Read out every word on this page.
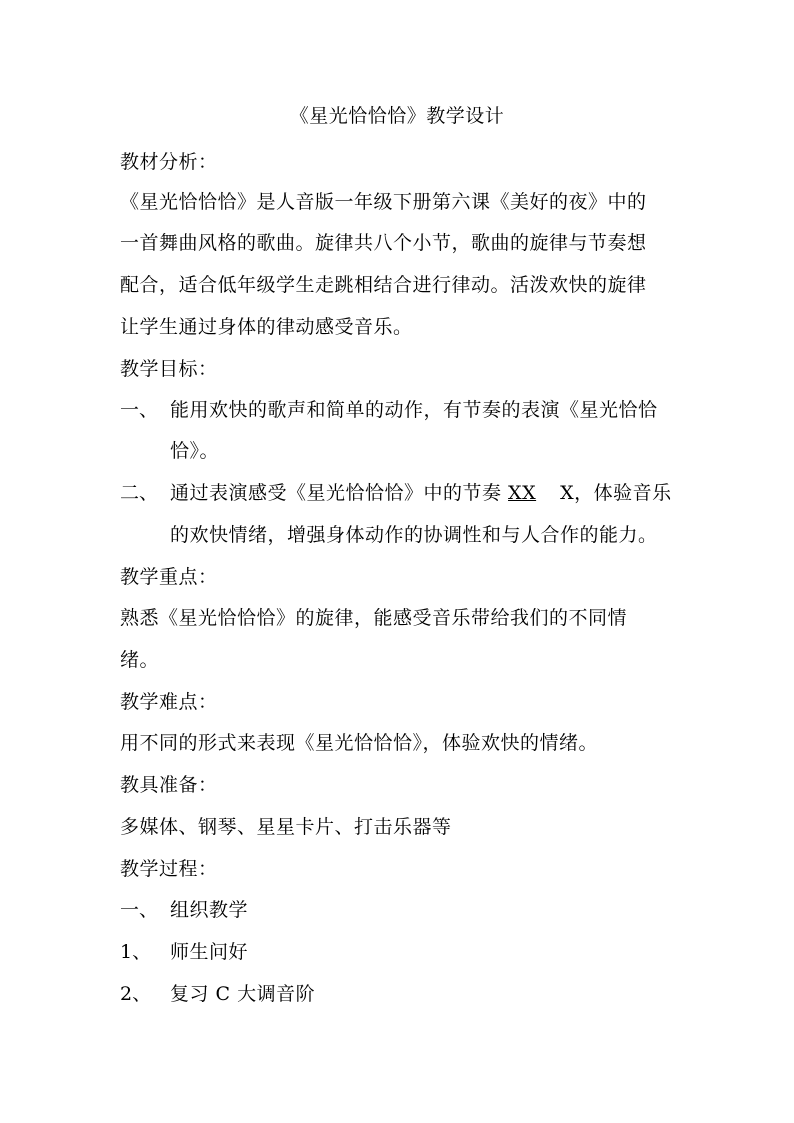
《星光恰恰恰》教学设计
教材分析：
《星光恰恰恰》是人音版一年级下册第六课《美好的夜》中的
一首舞曲风格的歌曲。旋律共八个小节，歌曲的旋律与节奏想
配合，适合低年级学生走跳相结合进行律动。活泼欢快的旋律
让学生通过身体的律动感受音乐。
教学目标：
一、 能用欢快的歌声和简单的动作，有节奏的表演《星光恰恰
恰》。
二、 通过表演感受《星光恰恰恰》中的节奏 XX X，体验音乐
的欢快情绪，增强身体动作的协调性和与人合作的能力。
教学重点：
熟悉《星光恰恰恰》的旋律，能感受音乐带给我们的不同情
绪。
教学难点：
用不同的形式来表现《星光恰恰恰》，体验欢快的情绪。
教具准备：
多媒体、钢琴、星星卡片、打击乐器等
教学过程：
一、 组织教学
1、 师生问好
2、 复习 C 大调音阶
